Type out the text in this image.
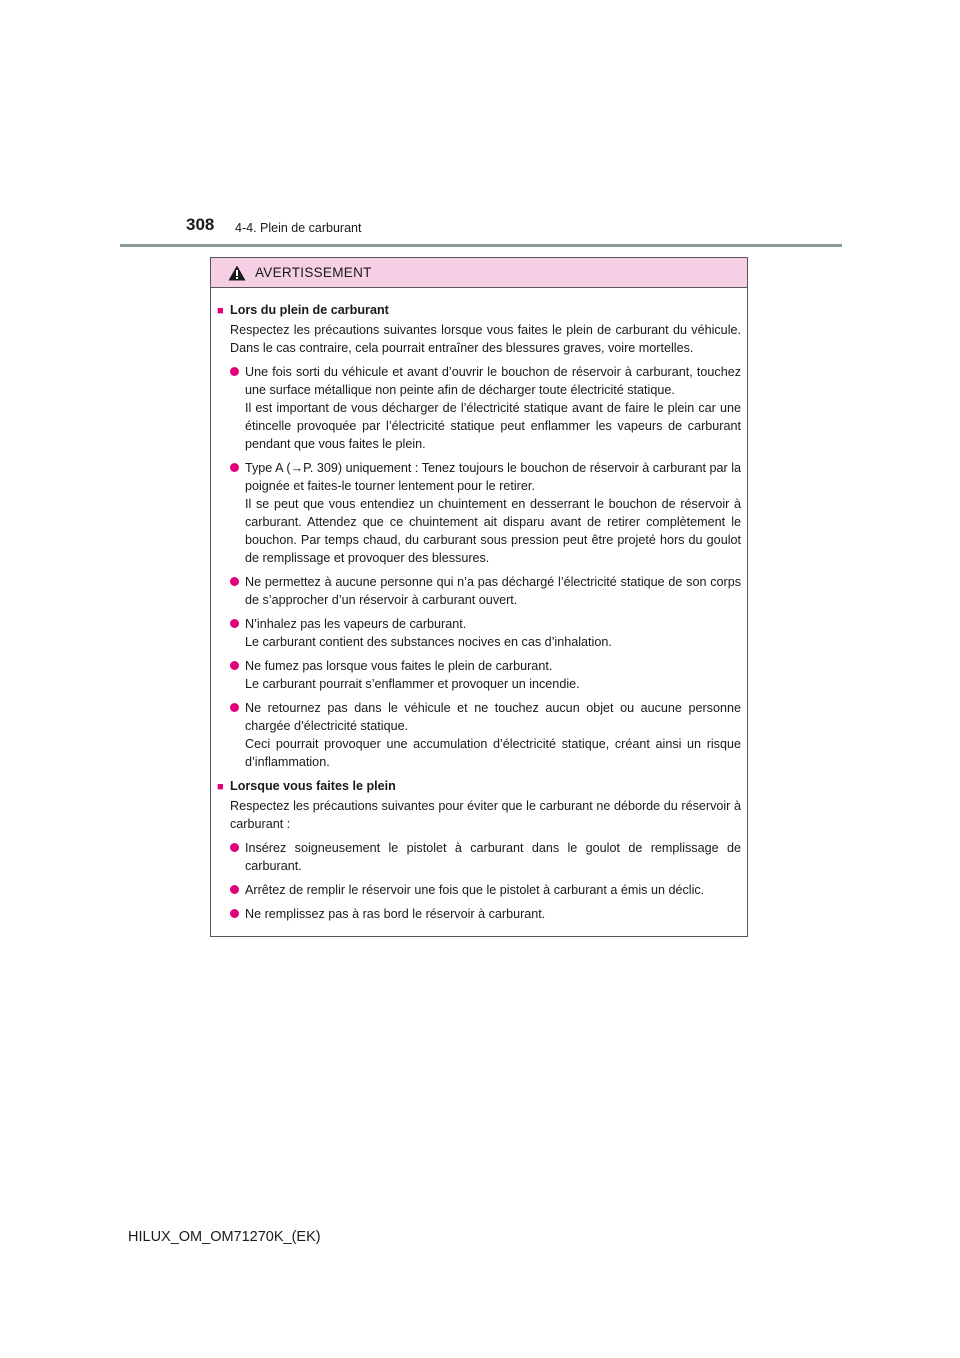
308 4-4. Plein de carburant
AVERTISSEMENT
■ Lors du plein de carburant
Respectez les précautions suivantes lorsque vous faites le plein de carburant du véhicule. Dans le cas contraire, cela pourrait entraîner des blessures graves, voire mortelles.
Une fois sorti du véhicule et avant d’ouvrir le bouchon de réservoir à carburant, touchez une surface métallique non peinte afin de décharger toute électricité statique.
Il est important de vous décharger de l’électricité statique avant de faire le plein car une étincelle provoquée par l’électricité statique peut enflammer les vapeurs de carburant pendant que vous faites le plein.
Type A (→P. 309) uniquement : Tenez toujours le bouchon de réservoir à carburant par la poignée et faites-le tourner lentement pour le retirer.
Il se peut que vous entendiez un chuintement en desserrant le bouchon de réservoir à carburant. Attendez que ce chuintement ait disparu avant de retirer complètement le bouchon. Par temps chaud, du carburant sous pression peut être projeté hors du goulot de remplissage et provoquer des blessures.
Ne permettez à aucune personne qui n’a pas déchargé l’électricité statique de son corps de s’approcher d’un réservoir à carburant ouvert.
N’inhalez pas les vapeurs de carburant.
Le carburant contient des substances nocives en cas d’inhalation.
Ne fumez pas lorsque vous faites le plein de carburant.
Le carburant pourrait s’enflammer et provoquer un incendie.
Ne retournez pas dans le véhicule et ne touchez aucun objet ou aucune personne chargée d’électricité statique.
Ceci pourrait provoquer une accumulation d’électricité statique, créant ainsi un risque d’inflammation.
■ Lorsque vous faites le plein
Respectez les précautions suivantes pour éviter que le carburant ne déborde du réservoir à carburant :
Insérez soigneusement le pistolet à carburant dans le goulot de remplissage de carburant.
Arrêtez de remplir le réservoir une fois que le pistolet à carburant a émis un déclic.
Ne remplissez pas à ras bord le réservoir à carburant.
HILUX_OM_OM71270K_(EK)
